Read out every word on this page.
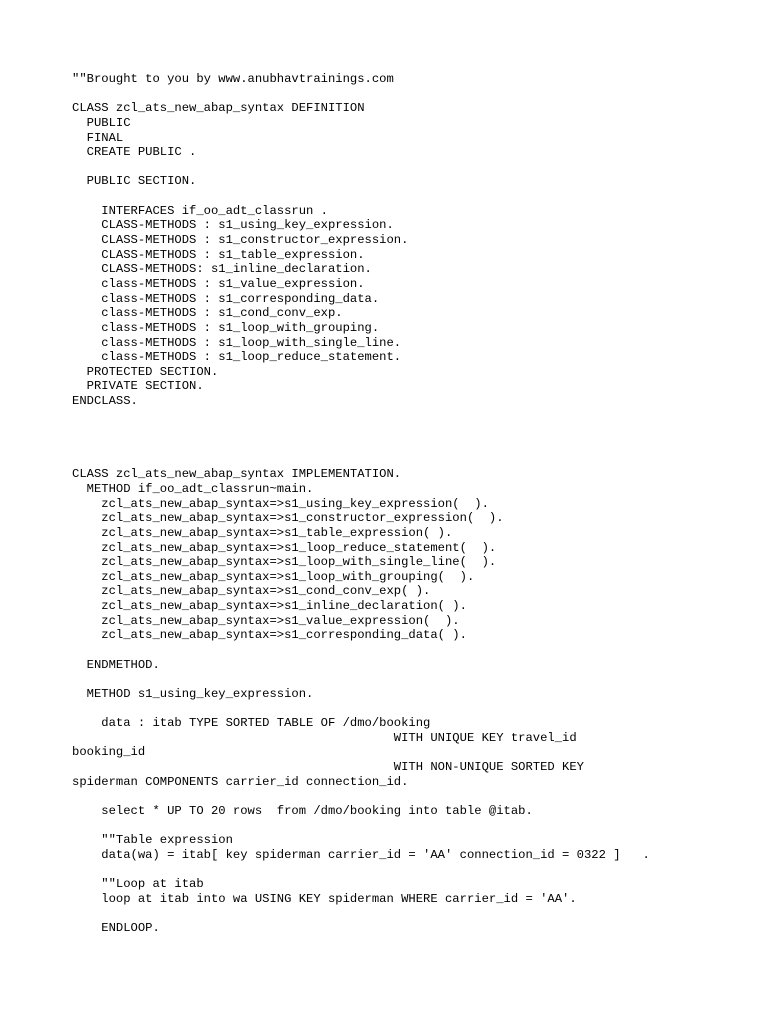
""Brought to you by www.anubhavtrainings.com
CLASS zcl_ats_new_abap_syntax DEFINITION
PUBLIC
FINAL
CREATE PUBLIC .
PUBLIC SECTION.
INTERFACES if_oo_adt_classrun .
CLASS-METHODS : s1_using_key_expression.
CLASS-METHODS : s1_constructor_expression.
CLASS-METHODS : s1_table_expression.
CLASS-METHODS: s1_inline_declaration.
class-METHODS : s1_value_expression.
class-METHODS : s1_corresponding_data.
class-METHODS : s1_cond_conv_exp.
class-METHODS : s1_loop_with_grouping.
class-METHODS : s1_loop_with_single_line.
class-METHODS : s1_loop_reduce_statement.
PROTECTED SECTION.
PRIVATE SECTION.
ENDCLASS.
CLASS zcl_ats_new_abap_syntax IMPLEMENTATION.
METHOD if_oo_adt_classrun~main.
zcl_ats_new_abap_syntax=>s1_using_key_expression(  ).
zcl_ats_new_abap_syntax=>s1_constructor_expression(  ).
zcl_ats_new_abap_syntax=>s1_table_expression( ).
zcl_ats_new_abap_syntax=>s1_loop_reduce_statement(  ).
zcl_ats_new_abap_syntax=>s1_loop_with_single_line(  ).
zcl_ats_new_abap_syntax=>s1_loop_with_grouping(  ).
zcl_ats_new_abap_syntax=>s1_cond_conv_exp( ).
zcl_ats_new_abap_syntax=>s1_inline_declaration( ).
zcl_ats_new_abap_syntax=>s1_value_expression(  ).
zcl_ats_new_abap_syntax=>s1_corresponding_data( ).
ENDMETHOD.
METHOD s1_using_key_expression.
data : itab TYPE SORTED TABLE OF /dmo/booking
WITH UNIQUE KEY travel_id
booking_id
WITH NON-UNIQUE SORTED KEY
spiderman COMPONENTS carrier_id connection_id.
select * UP TO 20 rows  from /dmo/booking into table @itab.
""Table expression
data(wa) = itab[ key spiderman carrier_id = 'AA' connection_id = 0322 ]   .
""Loop at itab
loop at itab into wa USING KEY spiderman WHERE carrier_id = 'AA'.
ENDLOOP.
